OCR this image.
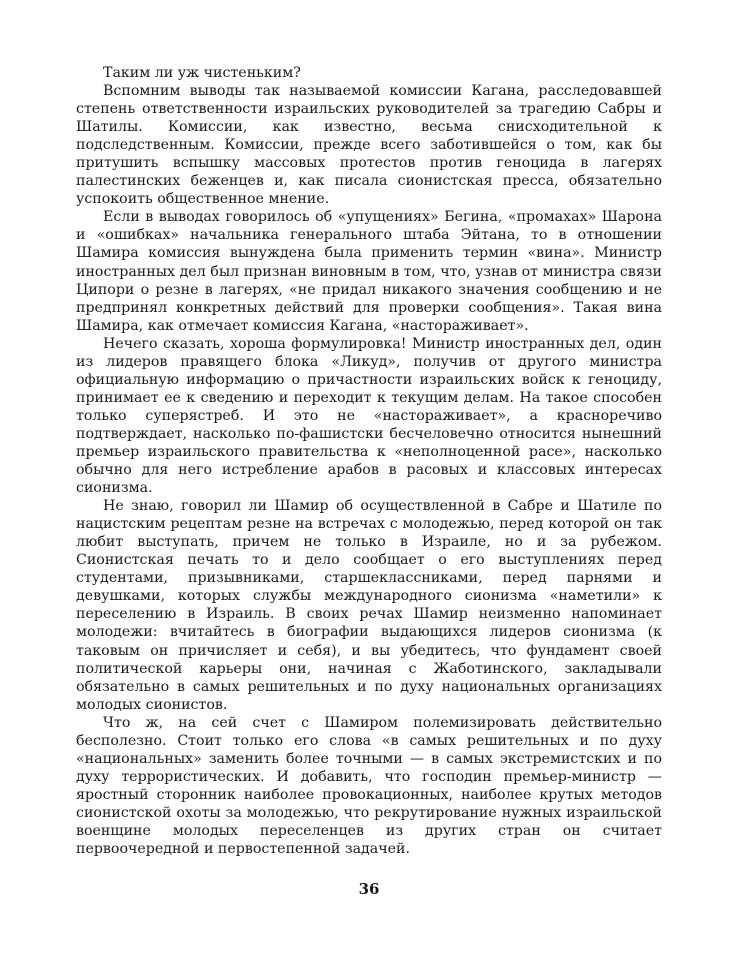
Таким ли уж чистеньким?

Вспомним выводы так называемой комиссии Кагана, расследовавшей степень ответственности израильских руководителей за трагедию Сабры и Шатилы. Комиссии, как известно, весьма снисходительной к подследственным. Комиссии, прежде всего заботившейся о том, как бы притушить вспышку массовых протестов против геноцида в лагерях палестинских беженцев и, как писала сионистская пресса, обязательно успокоить общественное мнение.

Если в выводах говорилось об «упущениях» Бегина, «промахах» Шарона и «ошибках» начальника генерального штаба Эйтана, то в отношении Шамира комиссия вынуждена была применить термин «вина». Министр иностранных дел был признан виновным в том, что, узнав от министра связи Ципори о резне в лагерях, «не придал никакого значения сообщению и не предпринял конкретных действий для проверки сообщения». Такая вина Шамира, как отмечает комиссия Кагана, «настораживает».

Нечего сказать, хороша формулировка! Министр иностранных дел, один из лидеров правящего блока «Ликуд», получив от другого министра официальную информацию о причастности израильских войск к геноциду, принимает ее к сведению и переходит к текущим делам. На такое способен только суперястреб. И это не «настораживает», а красноречиво подтверждает, насколько по-фашистски бесчеловечно относится нынешний премьер израильского правительства к «неполноценной расе», насколько обычно для него истребление арабов в расовых и классовых интересах сионизма.

Не знаю, говорил ли Шамир об осуществленной в Сабре и Шатиле по нацистским рецептам резне на встречах с молодежью, перед которой он так любит выступать, причем не только в Израиле, но и за рубежом. Сионистская печать то и дело сообщает о его выступлениях перед студентами, призывниками, старшеклассниками, перед парнями и девушками, которых службы международного сионизма «наметили» к переселению в Израиль. В своих речах Шамир неизменно напоминает молодежи: вчитайтесь в биографии выдающихся лидеров сионизма (к таковым он причисляет и себя), и вы убедитесь, что фундамент своей политической карьеры они, начиная с Жаботинского, закладывали обязательно в самых решительных и по духу национальных организациях молодых сионистов.

Что ж, на сей счет с Шамиром полемизировать действительно бесполезно. Стоит только его слова «в самых решительных и по духу «национальных» заменить более точными — в самых экстремистских и по духу террористических. И добавить, что господин премьер-министр — яростный сторонник наиболее провокационных, наиболее крутых методов сионистской охоты за молодежью, что рекрутирование нужных израильской военщине молодых переселенцев из других стран он считает первоочередной и первостепенной задачей.

36
